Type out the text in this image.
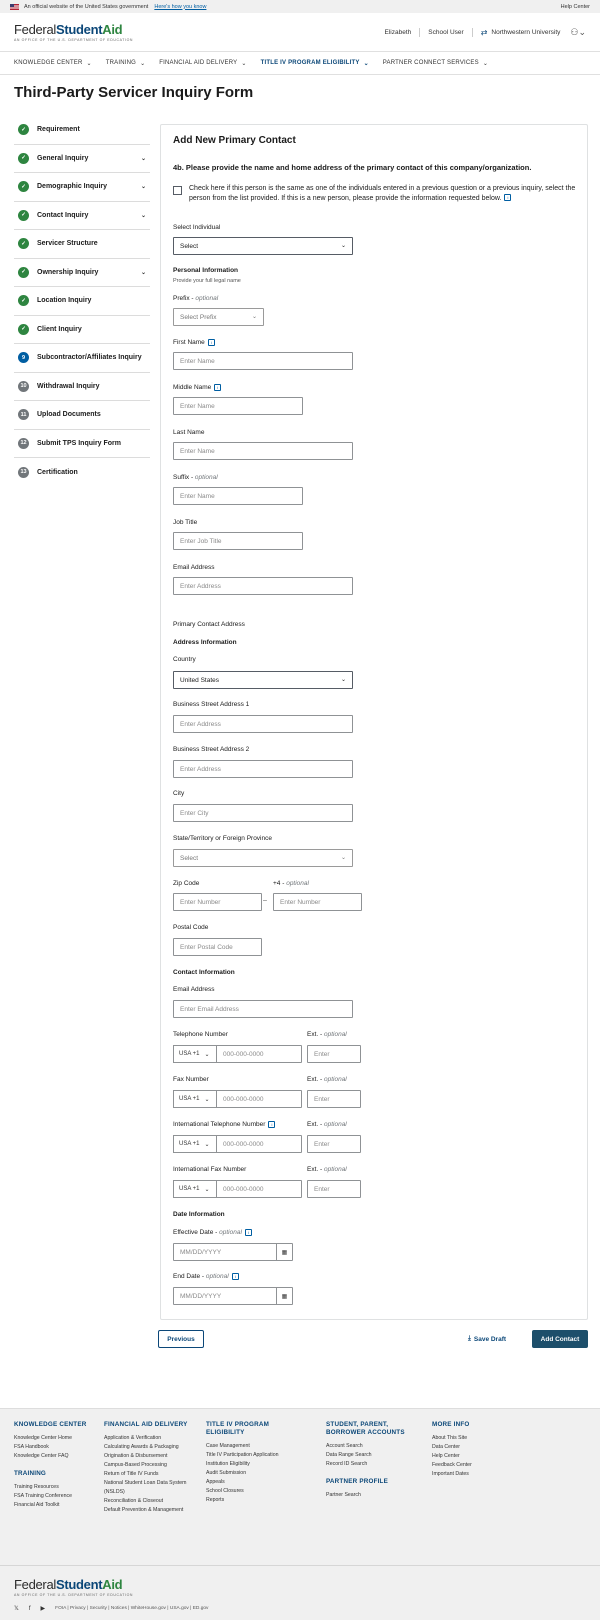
An official website of the United States government Here's how you know	Help Center
FederalStudentAid
AN OFFICE OF THE U.S. DEPARTMENT OF EDUCATION
Elizabeth	School User ⇄ Northwestern University ⚇⌄
KNOWLEDGE CENTER ⌄ TRAINING ⌄ FINANCIAL AID DELIVERY ⌄ TITLE IV PROGRAM ELIGIBILITY ⌄ PARTNER CONNECT SERVICES ⌄
Third-Party Servicer Inquiry Form
✓	Requirement
✓	General Inquiry	⌄
✓	Demographic Inquiry	⌄
✓	Contact Inquiry	⌄
✓	Servicer Structure
✓	Ownership Inquiry	⌄
✓	Location Inquiry
✓	Client Inquiry
9	Subcontractor/Affiliates Inquiry
10	Withdrawal Inquiry
11	Upload Documents
12	Submit TPS Inquiry Form
13	Certification
Add New Primary Contact
4b. Please provide the name and home address of the primary contact of this company/organization.
Check here if this person is the same as one of the individuals entered in a previous question or a previous inquiry, select the person from the list provided. If this is a new person, please provide the information requested below. i
Select Individual
Select	⌄
Personal Information
Provide your full legal name
Prefix - optional
Select Prefix	⌄
First Name i
Enter Name
Middle Name i
Enter Name
Last Name
Enter Name
Suffix - optional
Enter Name
Job Title
Enter Job Title
Email Address
Enter Address
Primary Contact Address
Address Information
Country
United States	⌄
Business Street Address 1
Enter Address
Business Street Address 2
Enter Address
City
Enter City
State/Territory or Foreign Province
Select	⌄
Zip Code
Enter Number	–
+4 - optional
Enter Number
Postal Code
Enter Postal Code
Contact Information
Email Address
Enter Email Address
Telephone Number
USA +1 ⌄	000-000-0000
Ext. - optional
Enter
Fax Number
USA +1 ⌄	000-000-0000
Ext. - optional
Enter
International Telephone Number i
USA +1 ⌄	000-000-0000
Ext. - optional
Enter
International Fax Number
USA +1 ⌄	000-000-0000
Ext. - optional
Enter
Date Information
Effective Date - optional i
MM/DD/YYYY	▦
End Date - optional i
MM/DD/YYYY	▦
Previous	⤓ Save Draft	Add Contact
KNOWLEDGE CENTER
Knowledge Center Home
FSA Handbook
Knowledge Center FAQ
TRAINING
Training Resources
FSA Training Conference
Financial Aid Toolkit
FINANCIAL AID DELIVERY
Application & Verification
Calculating Awards & Packaging
Origination & Disbursement
Campus-Based Processing
Return of Title IV Funds
National Student Loan Data System (NSLDS)
Reconciliation & Closeout
Default Prevention & Management
TITLE IV PROGRAM ELIGIBILITY
Case Management
Title IV Participation Application
Institution Eligibility
Audit Submission
Appeals
School Closures
Reports
STUDENT, PARENT, BORROWER ACCOUNTS
Account Search
Data Range Search
Record ID Search
PARTNER PROFILE
Partner Search
MORE INFO
About This Site
Data Center
Help Center
Feedback Center
Important Dates
FederalStudentAid
AN OFFICE OF THE U.S. DEPARTMENT OF EDUCATION
𝕏 f ▶ FOIA | Privacy | Security | Notices | WhiteHouse.gov | USA.gov | ED.gov
